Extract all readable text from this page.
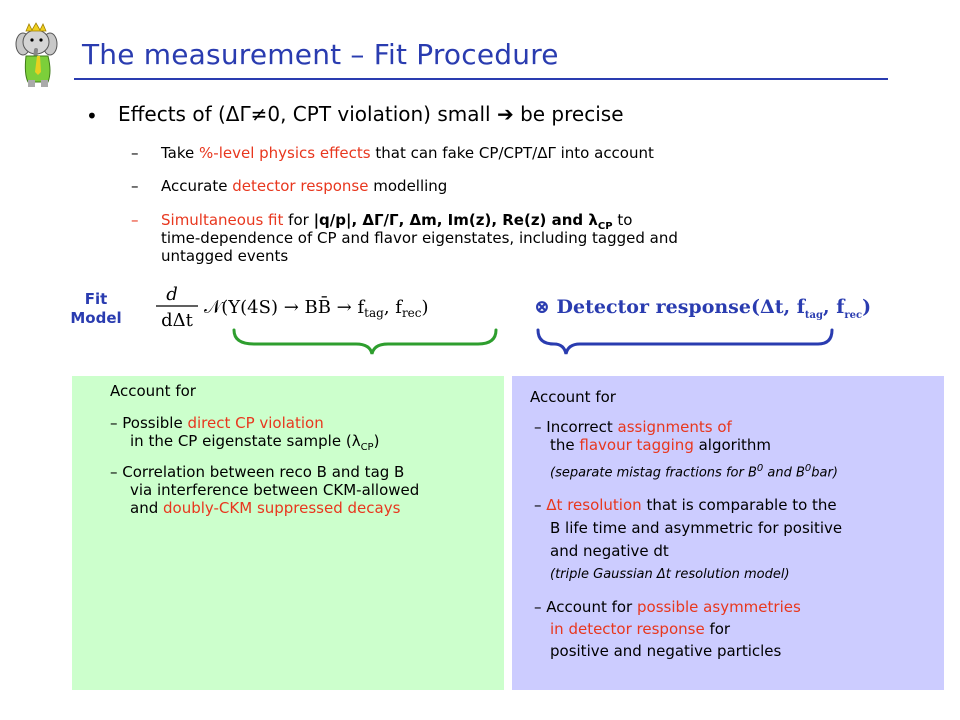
The measurement – Fit Procedure
• Effects of (ΔΓ≠0, CPT violation) small ➔ be precise
– Take %-level physics effects that can fake CP/CPT/ΔΓ into account
– Accurate detector response modelling
– Simultaneous fit for |q/p|, ΔΓ/Γ, Δm, Im(z), Re(z) and $\lambda_{CP}$ to
time-dependence of CP and flavor eigenstates, including tagged and
untagged events
Fit
Model
d
dΔt
𝒩(Υ(4S) → BB̄ → $f_{tag}$, $f_{rec}$)	⊗ Detector response(Δt, $f_{tag}$, $f_{rec}$)
Account for
– Possible direct CP violation
in the CP eigenstate sample $(\lambda_{CP})$
– Correlation between reco B and tag B
via interference between CKM-allowed
and doubly-CKM suppressed decays
Account for
– Incorrect assignments of
the flavour tagging algorithm
(separate mistag fractions for $B^0$ and $B^0bar$)
– Δt resolution that is comparable to the
B life time and asymmetric for positive
and negative dt
(triple Gaussian Δt resolution model)
– Account for possible asymmetries
in detector response for
positive and negative particles
